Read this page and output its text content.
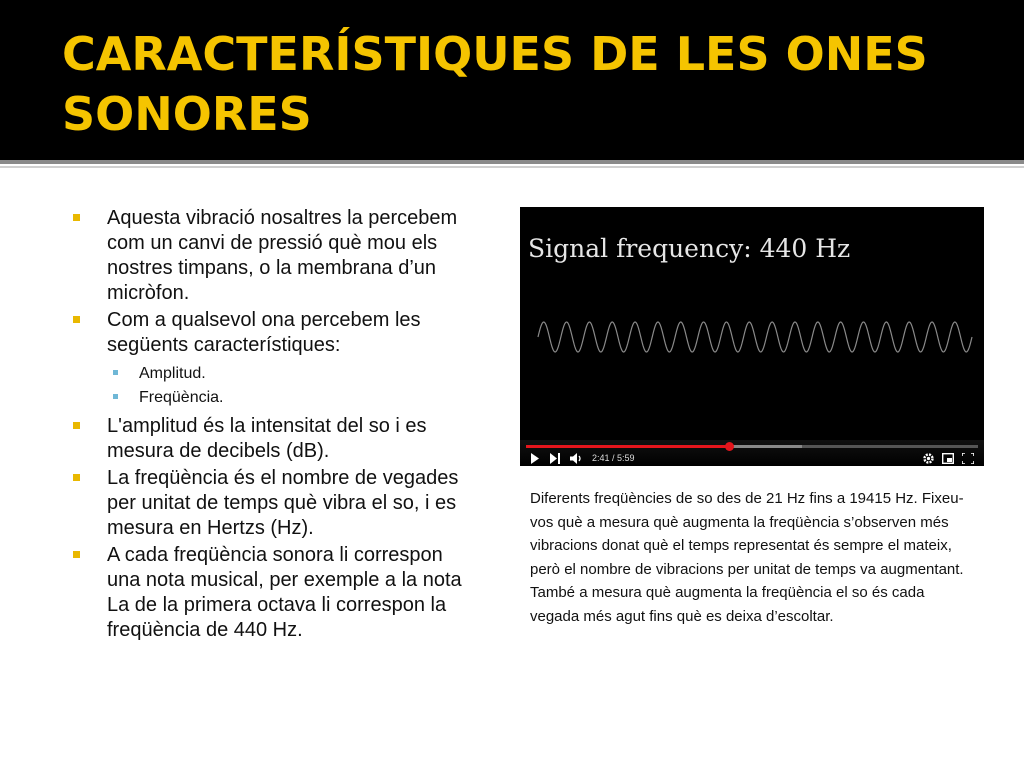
CARACTERÍSTIQUES DE LES ONES SONORES
Aquesta vibració nosaltres la percebem com un canvi de pressió què mou els nostres timpans, o la membrana d’un micròfon.
Com a qualsevol ona percebem les següents característiques:
Amplitud.
Freqüència.
L'amplitud és la intensitat del so i es mesura de decibels (dB).
La freqüència és el nombre de vegades per unitat de temps què vibra el so, i es mesura en Hertzs (Hz).
A cada freqüència sonora li correspon una nota musical, per exemple a la nota La de la primera octava li correspon la freqüència de 440 Hz.
Signal frequency: 440 Hz
2:41 / 5:59

Diferents freqüències de so des de 21 Hz fins a 19415 Hz. Fixeu-vos què a mesura què augmenta la freqüència s’observen més vibracions donat què el temps representat és sempre el mateix, però el nombre de vibracions per unitat de temps va augmentant. També a mesura què augmenta la freqüència el so és cada vegada més agut fins què es deixa d’escoltar.
